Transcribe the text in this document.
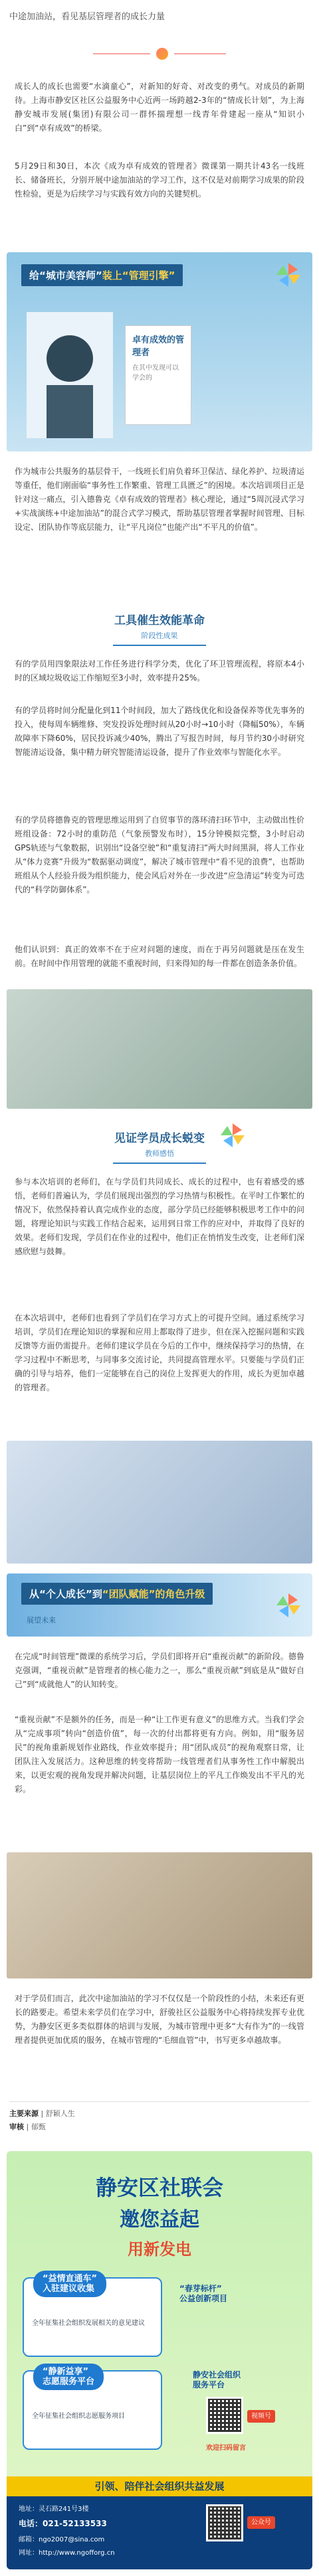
中途加油站，看见基层管理者的成长力量

成长人的成长也需要“水滴童心”，对新知的好奇、对改变的勇气。对成员的新期待。上海市静安区社区公益服务中心近两一场跨越2-3年的“情成长计划”，为上海静安城市发展(集团)有限公司一群怀揣理想一线青年骨建起一座从“知识小白”到“卓有成效”的桥梁。

5月29日和30日，本次《成为卓有成效的管理者》微课第一期共计43名一线班长、储备班长，分别开展中途加油站的学习工作，这不仅是对前期学习成果的阶段性检验，更是为后续学习与实践有效方向的关键契机。

给“城市美容师”装上“管理引擎”
卓有成效的管理者
在其中发现可以学会的

作为城市公共服务的基层骨干，一线班长们肩负着环卫保洁、绿化养护、垃圾清运等重任，他们刚面临“事务性工作繁重、管理工具匮乏”的困境。本次培训项目正是针对这一痛点，引入德鲁克《卓有成效的管理者》核心理论，通过“5周沉浸式学习+实战演练+中途加油站”的混合式学习模式，帮助基层管理者掌握时间管理、目标设定、团队协作等底层能力，让“平凡岗位”也能产出“不平凡的价值”。

工具催生效能革命
阶段性成果

有的学员用四象限法对工作任务进行科学分类，优化了环卫管理流程，将原本4小时的区域垃圾收运工作缩短至3小时，效率提升25%。

有的学员将时间分配量化到11个时间段，加大了路线优化和设备保养等优先事务的投入，使每周车辆维修、突发投诉处理时间从20小时→10小时（降幅50%），车辆故障率下降60%，居民投诉减少40%，腾出了写报告时间，每月节约30小时研究智能清运设备，集中精力研究智能清运设备，提升了作业效率与智能化水平。

有的学员将德鲁克的管理思维运用到了自贸事节的落环清扫环节中，主动做出性价班组设备：72小时的重防范（气象预警发布时），15分钟模拟完整，3小时启动GPS轨迹与气象数据，识别出“设备空驶”和“重复清扫”两大时间黑洞，将人工作业从“体力竞赛”升级为“数据驱动调度”，解决了城市管理中“看不见的浪费”，也帮助班组从个人经验升级为组织能力，使会风后对外在一步改进“应急清运”转变为可迭代的“科学防御体系”。

他们认识到：真正的效率不在于应对问题的速度，而在于再另问题就是压在发生前。在时间中作用管理的就能不重视时间，归来得知的每一件都在创造条条价值。

见证学员成长蜕变
教师感悟

参与本次培训的老师们，在与学员们共同成长、成长的过程中，也有着感受的感悟，老师们普遍认为，学员们展现出强烈的学习热情与积极性。在平时工作繁忙的情况下，依然保持着认真完成作业的态度，部分学员已经能够积极思考工作中的问题，将理论知识与实践工作结合起来，运用到日常工作的应对中，并取得了良好的效果。老师们发现，学员们在作业的过程中，他们正在悄悄发生改变，让老师们深感欣慰与鼓舞。

在本次培训中，老师们也看到了学员们在学习方式上的可提升空间。通过系统学习培训，学员们在理论知识的掌握和应用上都取得了进步，但在深入挖掘问题和实践反馈等方面仍需提升。老师们建议学员在今后的工作中，继续保持学习的热情，在学习过程中不断思考，与同事多交流讨论，共同提高管理水平。只要能与学员们正确的引导与培养，他们一定能够在自己的岗位上发挥更大的作用，成长为更加卓越的管理者。

从“个人成长”到“团队赋能”的角色升级
展望未来

在完成“时间管理”微课的系统学习后，学员们即将开启“重视贡献”的新阶段。德鲁克强调，“重视贡献”是管理者的核心能力之一，那么“重视贡献”到底是从“做好自己”到“成就他人”的认知转变。

“重视贡献”不是额外的任务，而是一种“让工作更有意义”的思维方式。当我们学会从“完成事项”转向“创造价值”，每一次的付出都将更有方向。例如，用“服务居民”的视角重新规划作业路线，作业效率提升；用“团队成员”的视角观察日常，让团队注入发展活力。这种思维的转变将帮助一线管理者们从事务性工作中解脱出来，以更宏观的视角发现并解决问题，让基层岗位上的平凡工作焕发出不平凡的光彩。

对于学员们而言，此次中途加油站的学习不仅仅是一个阶段性的小结，未来还有更长的路要走。希望未来学员们在学习中，舒骏社区公益服务中心将持续发挥专业优势，为静安区更多类似群体的培训与发展，为城市管理中更多“大有作为”的一线管理者提供更加优质的服务，在城市管理的“毛细血管”中，书写更多卓越故事。

主要来源 | 舒颖人生
审核 | 郁甄
静安区社联会
邀您益起
用新发电
“益情直通车”
入驻建议收集
全年征集社会组织发展相关的意见建议
“静新益享”
志愿服务平台
全年征集社会组织志愿服务项目
“春芽标杆”
公益创新项目
静安社会组织
服务平台
欢迎扫码留言
引领、陪伴社会组织共益发展
地址：灵石路241号3楼
电话：021-52133533
邮箱：ngo2007@sina.com
网址：http://www.ngofforg.cn
公众号
视频号
